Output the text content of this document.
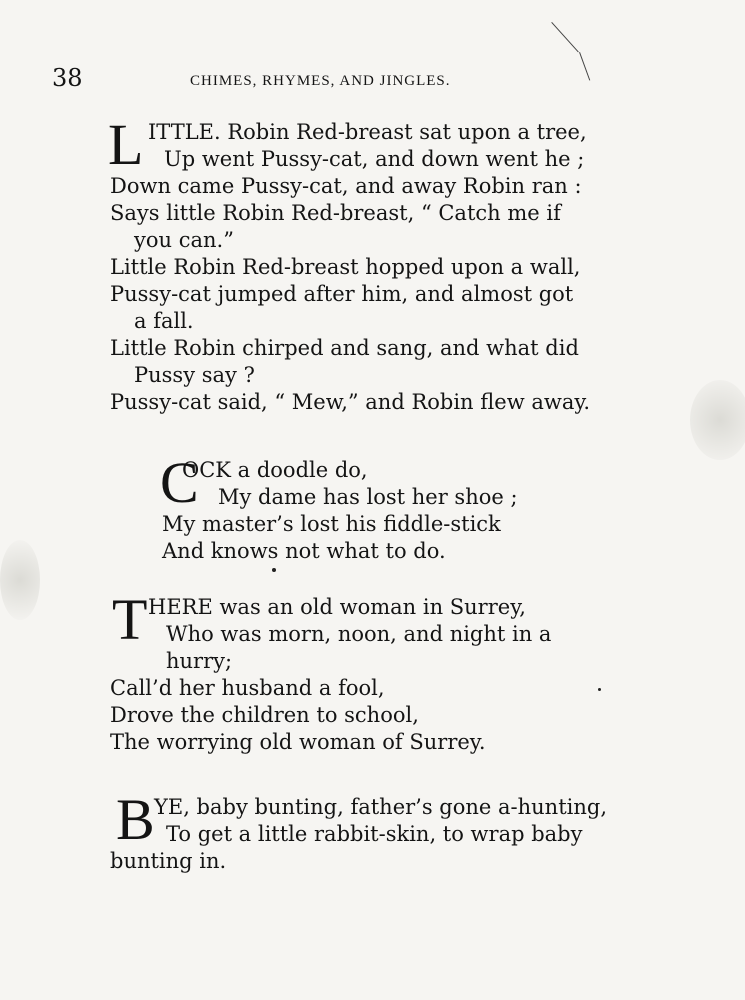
38	CHIMES, RHYMES, AND JINGLES.
L ITTLE. Robin Red-breast sat upon a tree,
Up went Pussy-cat, and down went he ;
Down came Pussy-cat, and away Robin ran :
Says little Robin Red-breast, “ Catch me if
you can.”
Little Robin Red-breast hopped upon a wall,
Pussy-cat jumped after him, and almost got
a fall.
Little Robin chirped and sang, and what did
Pussy say ?
Pussy-cat said, “ Mew,” and Robin flew away.
C
OCK a doodle do,
My dame has lost her shoe ;
My master’s lost his fiddle-stick
And knows not what to do.
T HERE was an old woman in Surrey,
Who was morn, noon, and night in a
hurry;
Call’d her husband a fool,
Drove the children to school,
The worrying old woman of Surrey.
B YE, baby bunting, father’s gone a-hunting,
To get a little rabbit-skin, to wrap baby
bunting in.
